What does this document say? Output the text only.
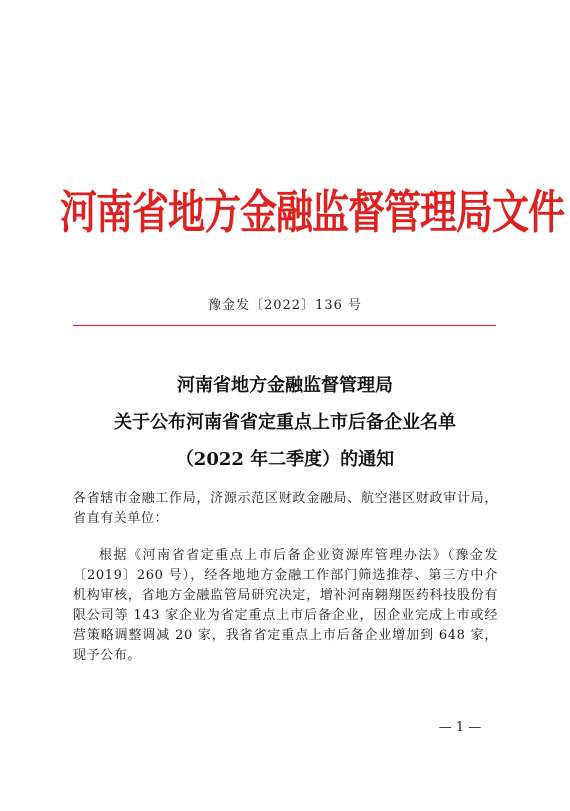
河南省地方金融监督管理局文件
豫金发〔2022〕136 号
河南省地方金融监督管理局
关于公布河南省省定重点上市后备企业名单
（2022 年二季度）的通知
各省辖市金融工作局，济源示范区财政金融局、航空港区财政审计局，省直有关单位：
根据《河南省省定重点上市后备企业资源库管理办法》（豫金发〔2019〕260 号），经各地地方金融工作部门筛选推荐、第三方中介机构审核，省地方金融监管局研究决定，增补河南翱翔医药科技股份有限公司等 143 家企业为省定重点上市后备企业，因企业完成上市或经营策略调整调减 20 家，我省省定重点上市后备企业增加到 648 家，现予公布。
— 1 —
